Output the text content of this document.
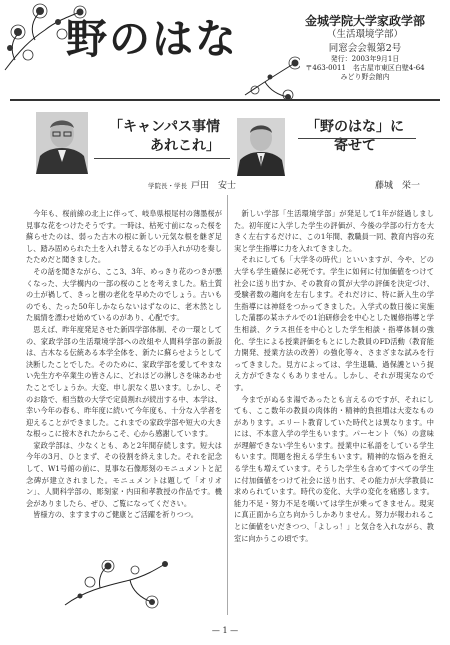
野のはな	金城学院大学家政学部
（生活環境学部）
同窓会会報第2号
発行：2003年9月1日
〒463-0011　名古屋市東区白壁4-64
みどり野会館内
「キャンパス事情
あれこれ」
学院長・学長 戸田　安士
「野のはな」に
寄せて
藤城　栄一
　今年も、桜前線の北上に伴って、岐阜県根尾村の薄墨桜が見事な花をつけたそうです。一時は、枯死寸前になった桜を蘇らせたのは、弱った古木の根に新しい元気な根を継ぎ足し、踏み固められた土を入れ替えるなどの手入れが功を奏したためだと聞きました。
　その話を聞きながら、ここ3、3年、めっきり花のつきが悪くなった、大学構内の一部の桜のことを考えました。粘土質の土が禍して、きっと樹の老化を早めたのでしょう。古いものでも、たった50年しかならないはずなのに、老木然とした風情を漂わせ始めているのがあり、心配です。
　思えば、昨年度発足させた新四学部体制、その一環としての、家政学部の生活環境学部への改組や人間科学部の新設は、古木なる伝統ある本学全体を、新たに蘇らせようとして決断したことでした。そのために、家政学部を愛してやまない先生方や卒業生の皆さんに、どれほどの淋しさを味あわせたことでしょうか。大変、申し訳なく思います。しかし、そのお陰で、相当数の大学で定員割れが続出する中、本学は、幸い今年の春も、昨年度に続いて今年度も、十分な入学者を迎えることができました。これまでの家政学部や短大の大きな根っこに接木されたからこそ、心から感謝しています。
　家政学部は、少なくとも、あと2年間存続します。短大は今年の3月、ひとまず、その役割を終えました。それを記念して、W1号館の前に、見事な石像彫刻のモニュメントと記念碑が建立されました。モニュメントは題して「オリオン」、人間科学部の、彫刻家・内田和孝教授の作品です。機会がありましたら、ぜひ、ご覧になってください。
　皆様方の、ますますのご健康とご活躍を祈りつつ。
　新しい学部「生活環境学部」が発足して1年が経過しました。初年度に入学した学生の評価が、今後の学部の行方を大きく左右するだけに、この1年間、教職員一同、教育内容の充実と学生指導に力を入れてきました。
　それにしても「大学冬の時代」といいますが、今や、どの大学も学生確保に必死です。学生に如何に付加価値をつけて社会に送り出すか、その教育の質が大学の評価を決定づけ、受験者数の趨向を左右します。それだけに、特に新入生の学生指導には神経をつかってきました。入学式の数日後に実施した蒲郡の某ホテルでの1泊研修会を中心とした履修指導と学生相談、クラス担任を中心とした学生相談・指導体制の強化、学生による授業評価をもとにした教員のFD活動（教育能力開発、授業方法の改善）の強化等々、さまざまな試みを行ってきました。見方によっては、学生退職、過保護という捉え方ができなくもありません。しかし、それが現実なのです。
　今までがぬるま湯であったとも言えるのですが、それにしても、ここ数年の教員の肉体的・精神的負担増は大変なものがあります。エリート教育していた時代とは異なります。中には、不本意入学の学生もいます。パーセント（%）の意味が理解できない学生もいます。授業中に私語をしている学生もいます。問題を抱える学生もいます。精神的な悩みを抱える学生も増えています。そうした学生も含めてすべての学生に付加価値をつけて社会に送り出す、その能力が大学教員に求められています。時代の変化、大学の変化を痛感します。能力不足・努力不足を嘆いては学生が乗ってきません。現実に真正面から立ち向かうしかありません。努力が報われることに価値をいだきつつ、「よしっ！」と気合を入れながら、教室に向かうこの頃です。
— 1 —
